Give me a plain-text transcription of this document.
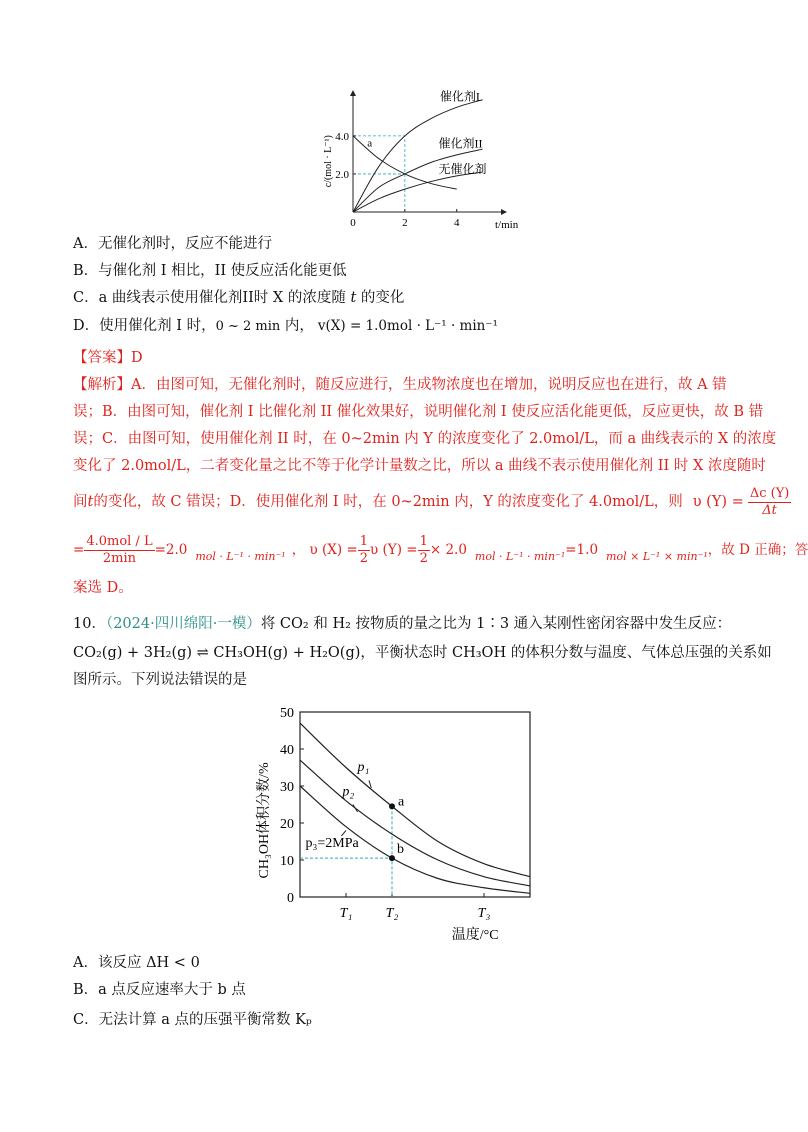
4.0
2.0
0	2	4	t/min
c/(mol · L⁻¹)
催化剂I
催化剂II
无催化剂
a
A．无催化剂时，反应不能进行
B．与催化剂 I 相比，II 使反应活化能更低
C．a 曲线表示使用催化剂II时 X 的浓度随 t 的变化
D．使用催化剂 I 时，0 ~ 2 min 内， v(X) = 1.0mol · L⁻¹ · min⁻¹
【答案】D
【解析】A．由图可知，无催化剂时，随反应进行，生成物浓度也在增加，说明反应也在进行，故 A 错
误；B．由图可知，催化剂 I 比催化剂 II 催化效果好，说明催化剂 I 使反应活化能更低，反应更快，故 B 错
误；C．由图可知，使用催化剂 II 时，在 0~2min 内 Y 的浓度变化了 2.0mol/L，而 a 曲线表示的 X 的浓度
变化了 2.0mol/L，二者变化量之比不等于化学计量数之比，所以 a 曲线不表示使用催化剂 II 时 X 浓度随时
间 t 的变化，故 C 错误；D．使用催化剂 I 时，在 0~2min 内，Y 的浓度变化了 4.0mol/L，则 υ $(Y) = \frac{\Delta c (Y)}{\Delta t}$
= $\frac{\text{4.0mol / L}}{2\min} =2.0$ mol · L⁻¹ · min⁻¹ ， υ $(X) = \frac{1}{2}$ υ $(Y) = \frac{1}{2} \times 2.0$ mol · L⁻¹ · min⁻¹ =1.0 mol × L⁻¹ × min⁻¹ ，故 D 正确；答
案选 D。
10．（2024·四川绵阳·一模）将 CO₂ 和 H₂ 按物质的量之比为 1∶3 通入某刚性密闭容器中发生反应：
CO₂(g) + 3H₂(g) ⇌ CH₃OH(g) + H₂O(g)，平衡状态时 CH₃OH 的体积分数与温度、气体总压强的关系如
图所示。下列说法错误的是
0
10
20
30
40
50
T₁ T₂	T₃
温度/°C
CH₃OH体积分数/%	a
b
p₁
p₂
p₃=2MPa
A．该反应 ΔH < 0
B．a 点反应速率大于 b 点
C．无法计算 a 点的压强平衡常数 Kₚ
